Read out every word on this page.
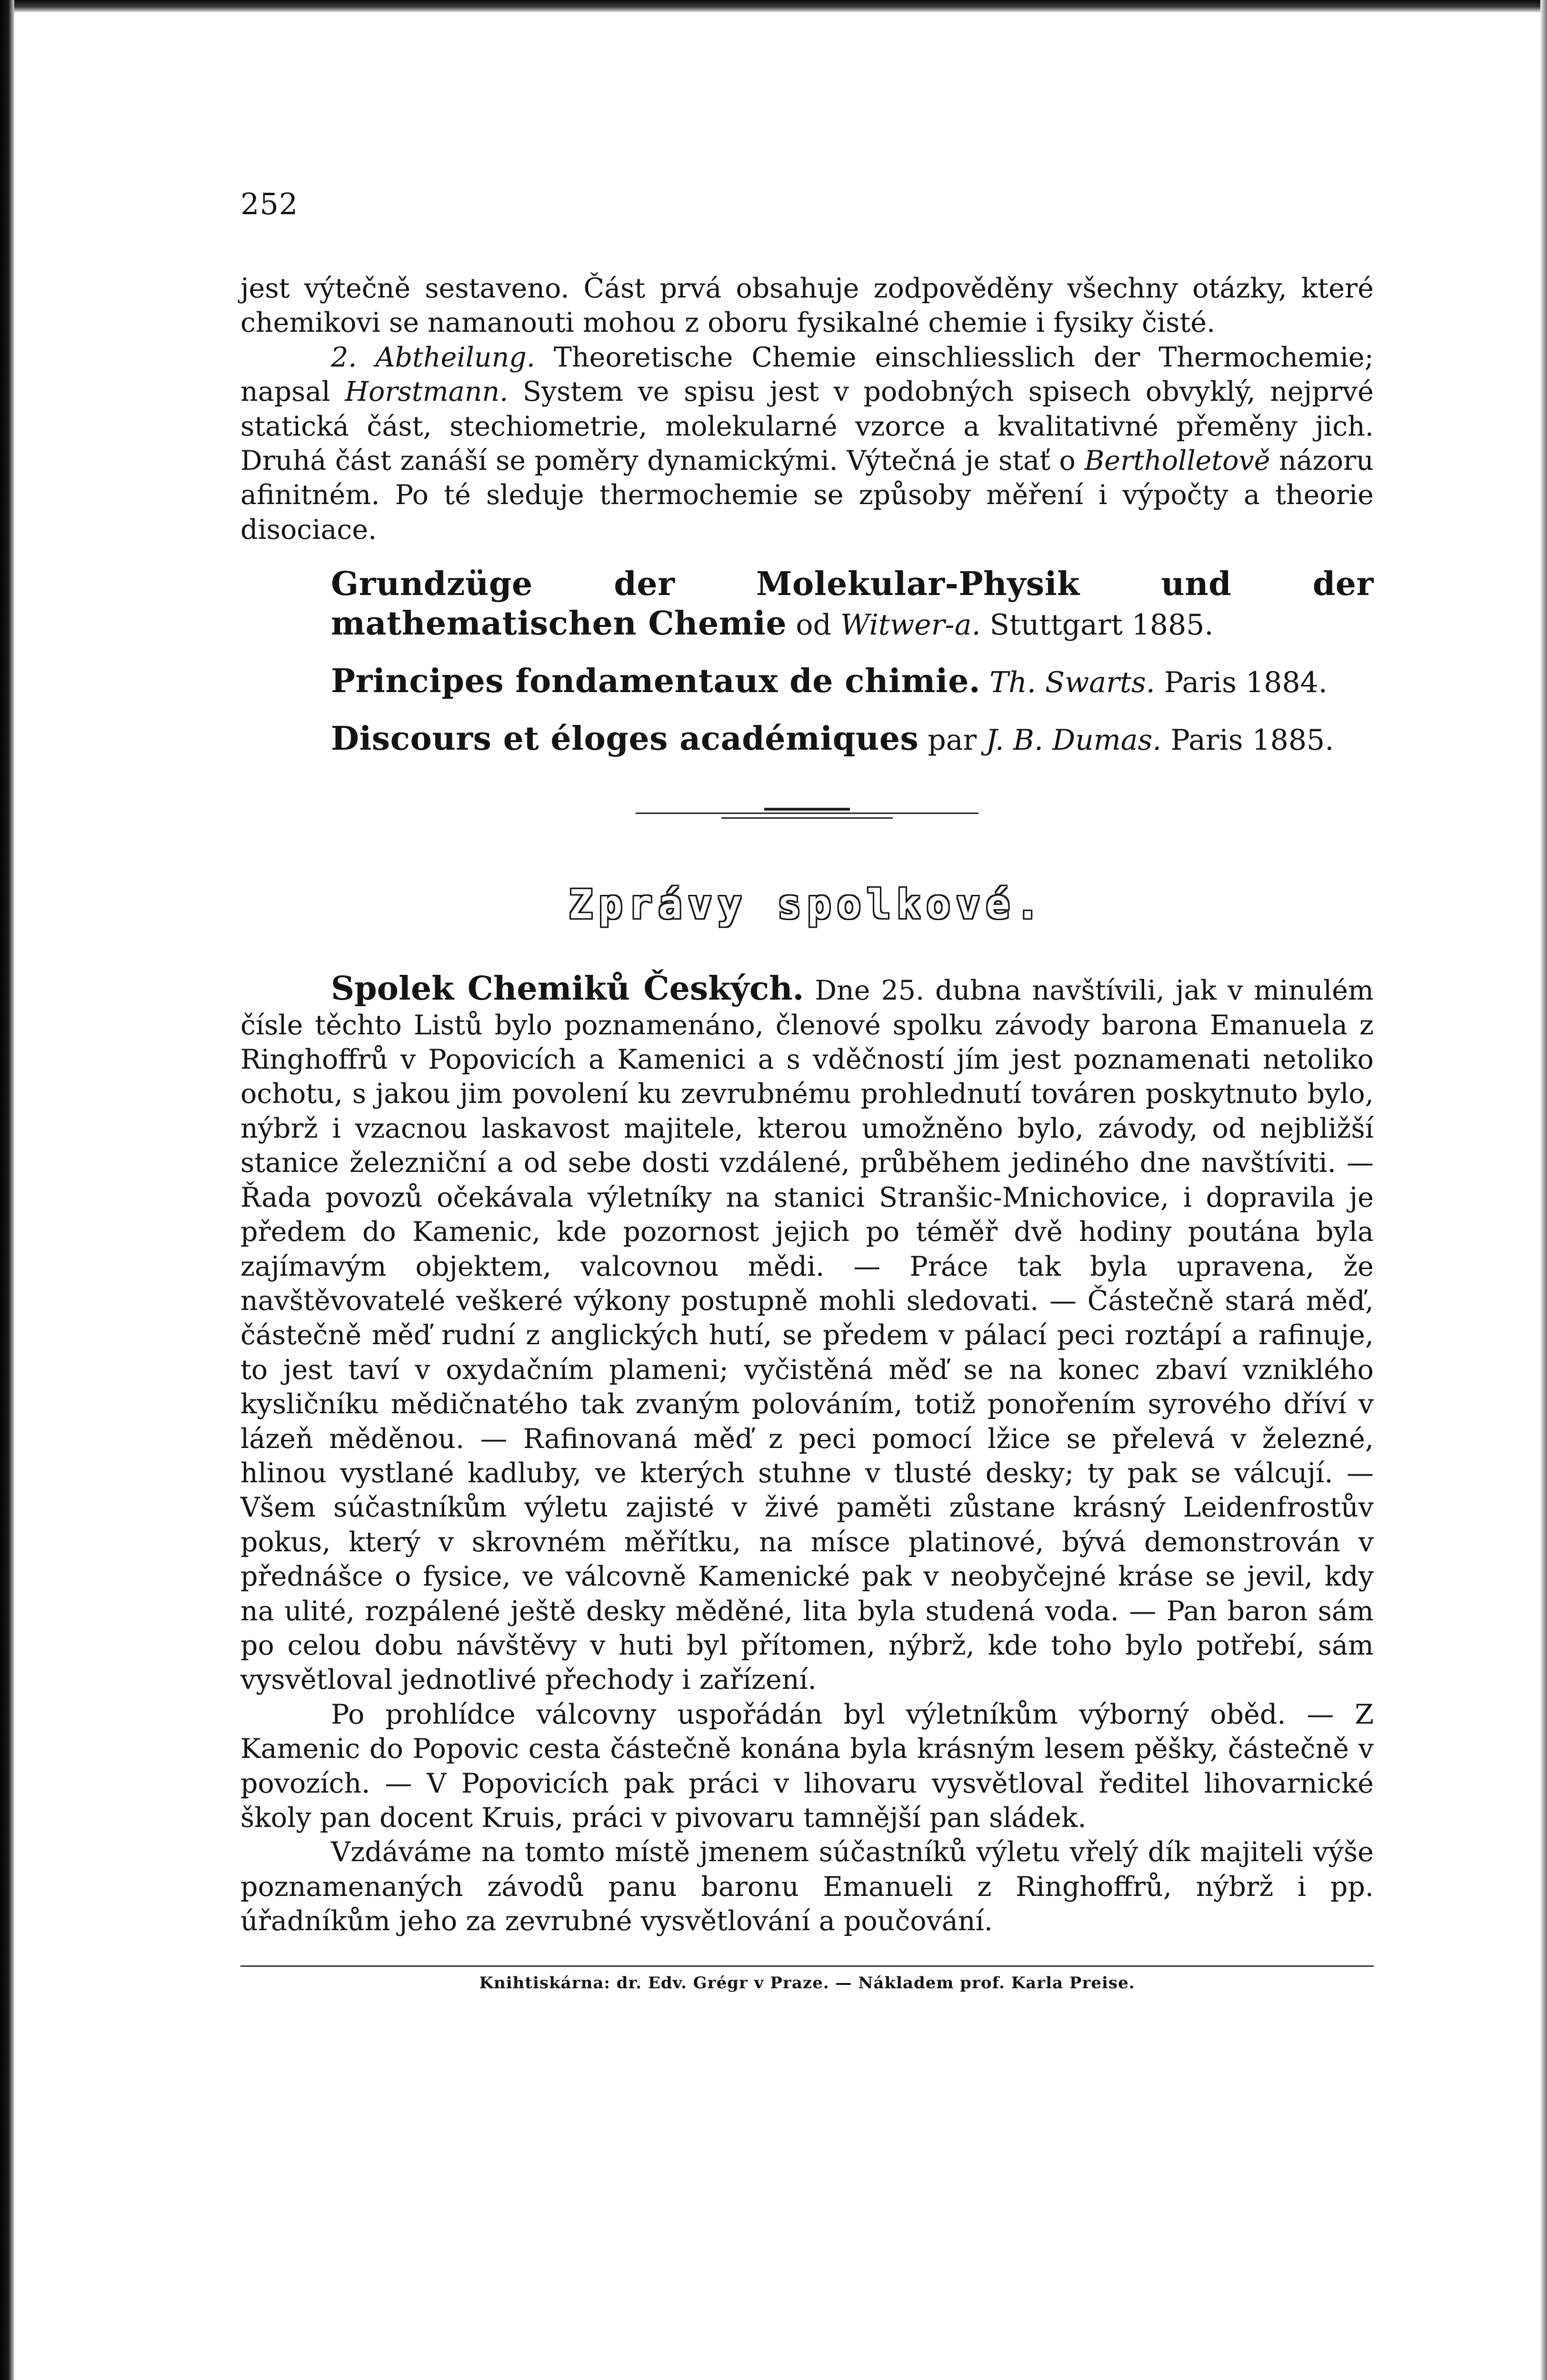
252

jest výtečně sestaveno. Část prvá obsahuje zodpověděny všechny otázky, které chemikovi se namanouti mohou z oboru fysikalné chemie i fysiky čisté.

2. Abtheilung. Theoretische Chemie einschliesslich der Thermochemie; napsal Horstmann. System ve spisu jest v podobných spisech obvyklý, nejprvé statická část, stechiometrie, molekularné vzorce a kvalitativné přeměny jich. Druhá část zanáší se poměry dynamickými. Výtečná je stať o Bertholletově názoru afinitném. Po té sleduje thermochemie se způsoby měření i výpočty a theorie disociace.

Grundzüge der Molekular-Physik und der mathematischen Chemie od Witwer-a. Stuttgart 1885.

Principes fondamentaux de chimie. Th. Swarts. Paris 1884.

Discours et éloges académiques par J. B. Dumas. Paris 1885.

Zprávy spolkové.

Spolek Chemiků Českých. Dne 25. dubna navštívili, jak v minulém čísle těchto Listů bylo poznamenáno, členové spolku závody barona Emanuela z Ringhoffrů v Popovicích a Kamenici a s vděčností jím jest poznamenati netoliko ochotu, s jakou jim povolení ku zevrubnému prohlednutí továren poskytnuto bylo, nýbrž i vzacnou laskavost majitele, kterou umožněno bylo, závody, od nejbližší stanice železniční a od sebe dosti vzdálené, průběhem jediného dne navštíviti. — Řada povozů očekávala výletníky na stanici Stranšic-Mnichovice, i dopravila je předem do Kamenic, kde pozornost jejich po téměř dvě hodiny poutána byla zajímavým objektem, valcovnou mědi. — Práce tak byla upravena, že navštěvovatelé veškeré výkony postupně mohli sledovati. — Částečně stará měď, částečně měď rudní z anglických hutí, se předem v pálací peci roztápí a rafinuje, to jest taví v oxydačním plameni; vyčistěná měď se na konec zbaví vzniklého kysličníku mědičnatého tak zvaným polováním, totiž ponořením syrového dříví v lázeň měděnou. — Rafinovaná měď z peci pomocí lžice se přelevá v železné, hlinou vystlané kadluby, ve kterých stuhne v tlusté desky; ty pak se válcují. — Všem súčastníkům výletu zajisté v živé paměti zůstane krásný Leidenfrostův pokus, který v skrovném měřítku, na mísce platinové, bývá demonstrován v přednášce o fysice, ve válcovně Kamenické pak v neobyčejné kráse se jevil, kdy na ulité, rozpálené ještě desky měděné, lita byla studená voda. — Pan baron sám po celou dobu návštěvy v huti byl přítomen, nýbrž, kde toho bylo potřebí, sám vysvětloval jednotlivé přechody i zařízení.

Po prohlídce válcovny uspořádán byl výletníkům výborný oběd. — Z Kamenic do Popovic cesta částečně konána byla krásným lesem pěšky, částečně v povozích. — V Popovicích pak práci v lihovaru vysvětloval ředitel lihovarnické školy pan docent Kruis, práci v pivovaru tamnější pan sládek.

Vzdáváme na tomto místě jmenem súčastníků výletu vřelý dík majiteli výše poznamenaných závodů panu baronu Emanueli z Ringhoffrů, nýbrž i pp. úřadníkům jeho za zevrubné vysvětlování a poučování.

Knihtiskárna: dr. Edv. Grégr v Praze. — Nákladem prof. Karla Preise.
